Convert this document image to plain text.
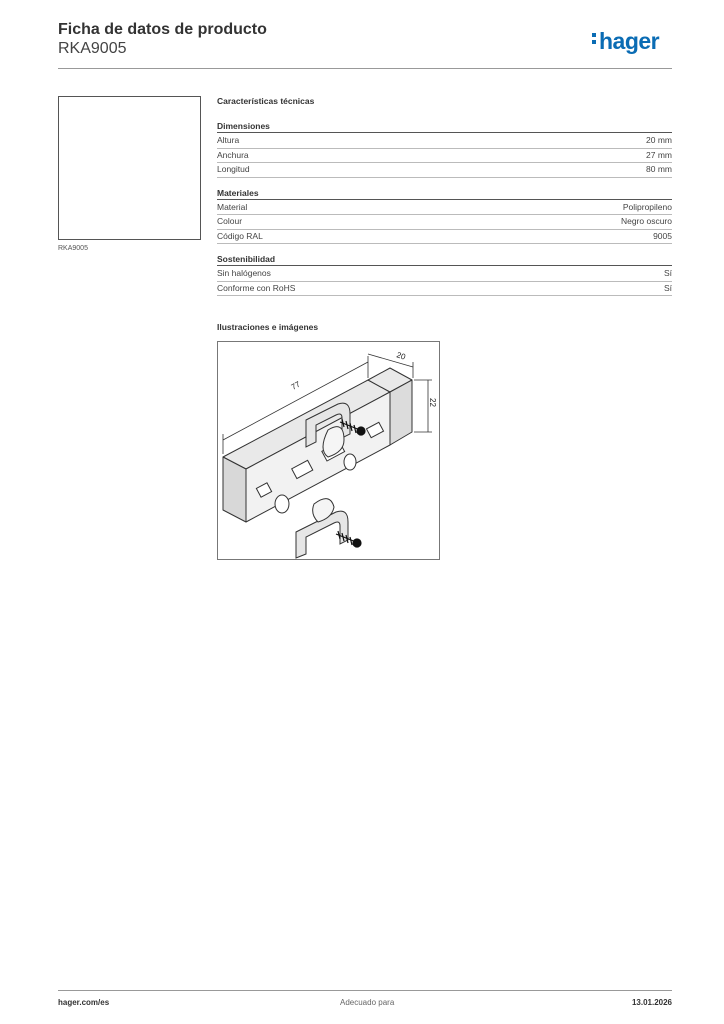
Ficha de datos de producto
RKA9005	hager
RKA9005
Características técnicas
Dimensiones
Altura	20 mm
Anchura	27 mm
Longitud	80 mm
Materiales
Material	Polipropileno
Colour	Negro oscuro
Código RAL	9005
Sostenibilidad
Sin halógenos	Sí
Conforme con RoHS	Sí
Ilustraciones e imágenes
77
20
22
hager.com/es	Adecuado para	13.01.2026
